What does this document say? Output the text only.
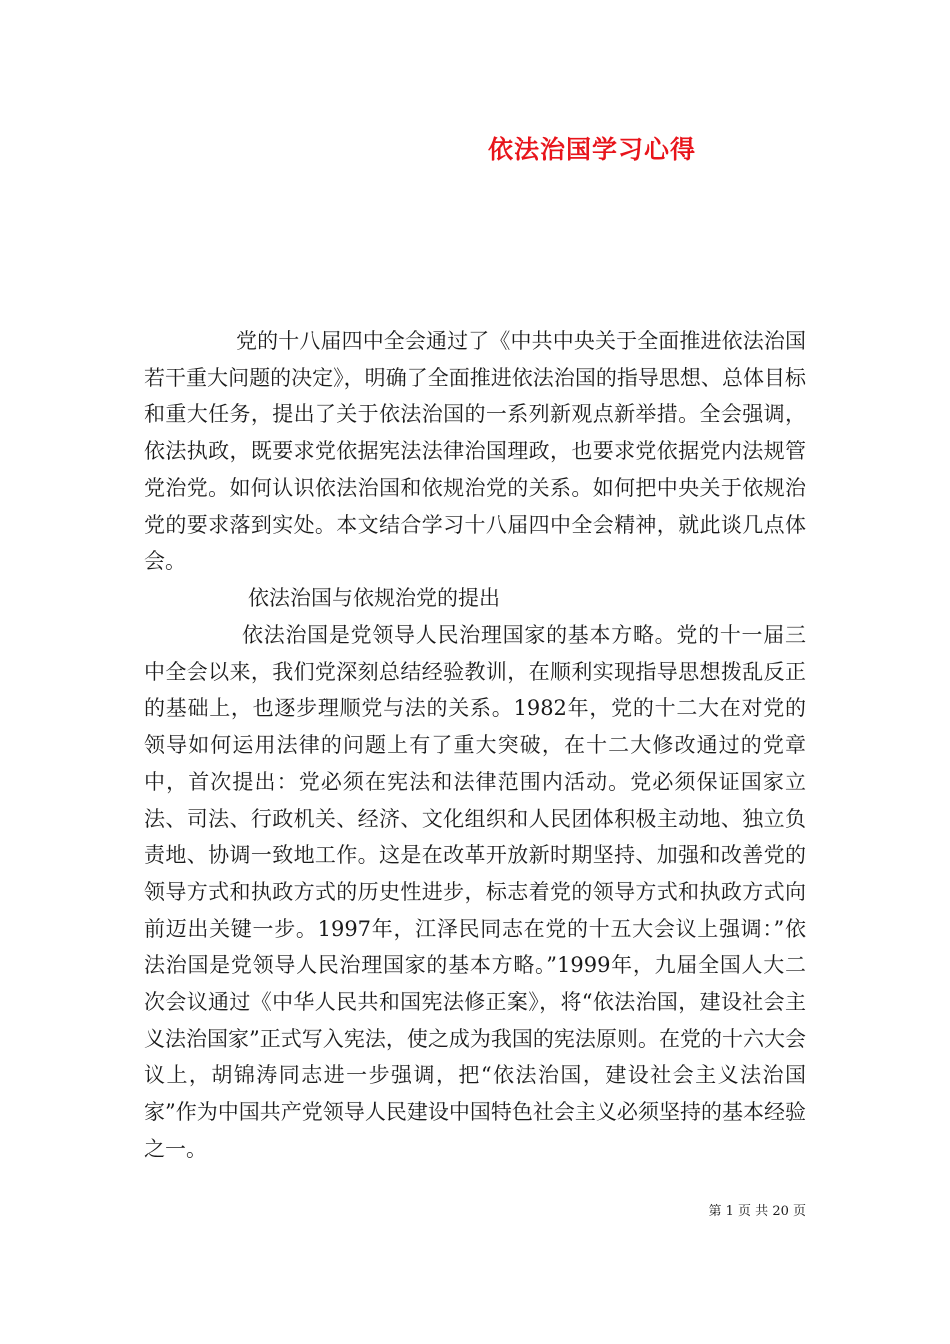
依法治国学习心得

党的十八届四中全会通过了《中共中央关于全面推进依法治国若干重大问题的决定》，明确了全面推进依法治国的指导思想、总体目标和重大任务，提出了关于依法治国的一系列新观点新举措。全会强调，依法执政，既要求党依据宪法法律治国理政，也要求党依据党内法规管党治党。如何认识依法治国和依规治党的关系。如何把中央关于依规治党的要求落到实处。本文结合学习十八届四中全会精神，就此谈几点体会。

依法治国与依规治党的提出

依法治国是党领导人民治理国家的基本方略。党的十一届三中全会以来，我们党深刻总结经验教训，在顺利实现指导思想拨乱反正的基础上，也逐步理顺党与法的关系。1982年，党的十二大在对党的领导如何运用法律的问题上有了重大突破，在十二大修改通过的党章中，首次提出：党必须在宪法和法律范围内活动。党必须保证国家立法、司法、行政机关、经济、文化组织和人民团体积极主动地、独立负责地、协调一致地工作。这是在改革开放新时期坚持、加强和改善党的领导方式和执政方式的历史性进步，标志着党的领导方式和执政方式向前迈出关键一步。1997年，江泽民同志在党的十五大会议上强调：”依法治国是党领导人民治理国家的基本方略。”1999年，九届全国人大二次会议通过《中华人民共和国宪法修正案》，将“依法治国，建设社会主义法治国家”正式写入宪法，使之成为我国的宪法原则。在党的十六大会议上，胡锦涛同志进一步强调，把“依法治国，建设社会主义法治国家”作为中国共产党领导人民建设中国特色社会主义必须坚持的基本经验之一。

第 1 页 共 20 页
